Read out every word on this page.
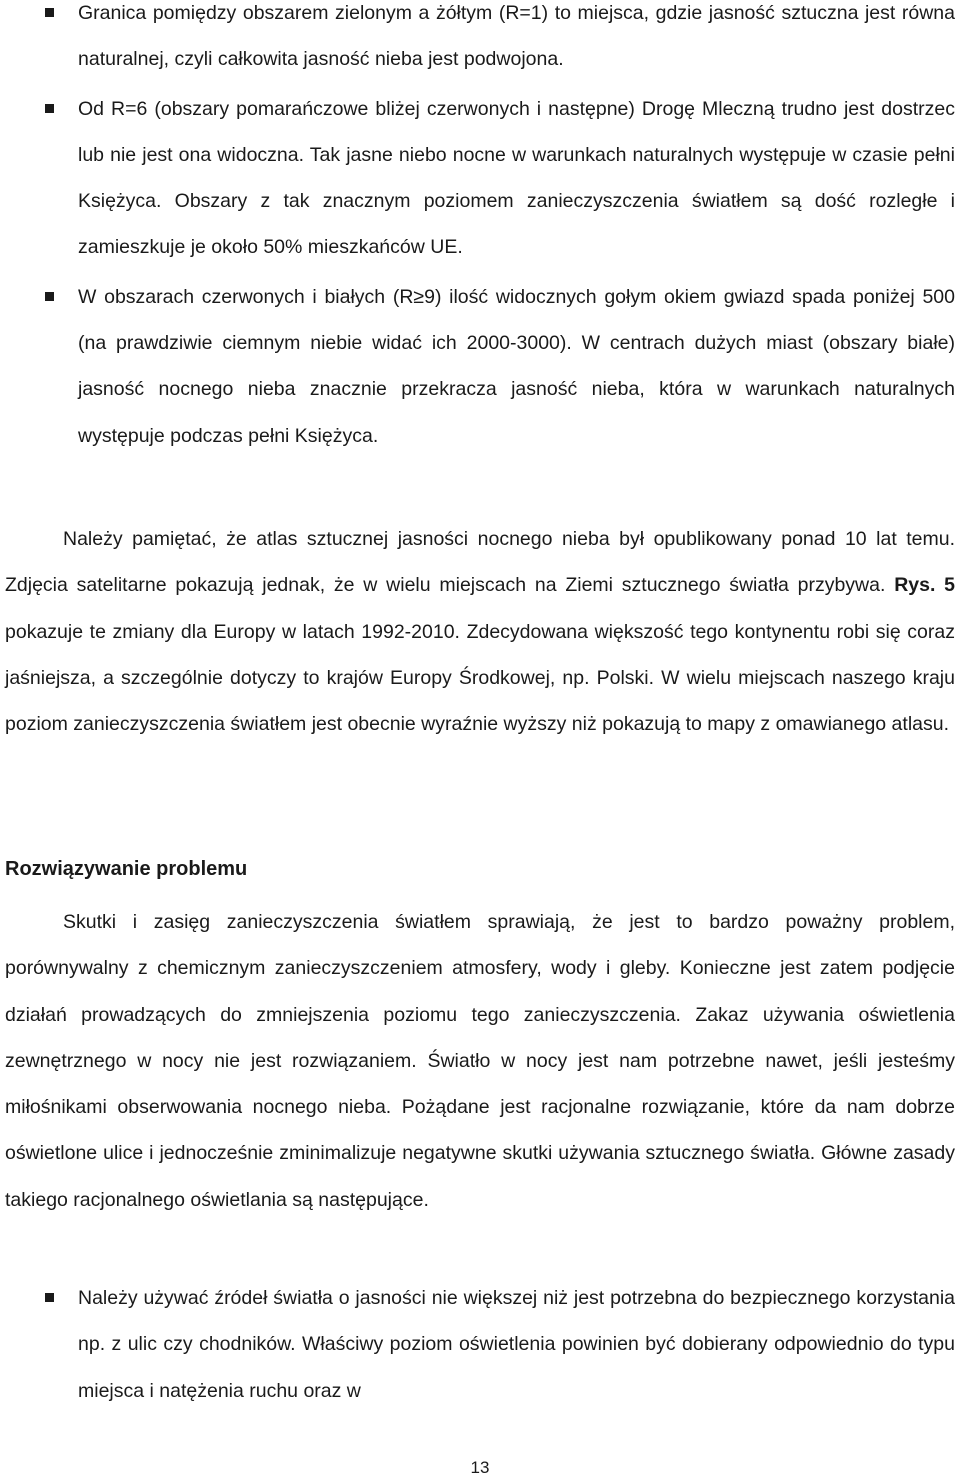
Granica pomiędzy obszarem zielonym a żółtym (R=1) to miejsca, gdzie jasność sztuczna jest równa naturalnej, czyli całkowita jasność nieba jest podwojona.
Od R=6 (obszary pomarańczowe bliżej czerwonych i następne) Drogę Mleczną trudno jest dostrzec lub nie jest ona widoczna. Tak jasne niebo nocne w warunkach naturalnych występuje w czasie pełni Księżyca. Obszary z tak znacznym poziomem zanieczyszczenia światłem są dość rozległe i zamieszkuje je około 50% mieszkańców UE.
W obszarach czerwonych i białych (R≥9) ilość widocznych gołym okiem gwiazd spada poniżej 500 (na prawdziwie ciemnym niebie widać ich 2000-3000). W centrach dużych miast (obszary białe) jasność nocnego nieba znacznie przekracza jasność nieba, która w warunkach naturalnych występuje podczas pełni Księżyca.

Należy pamiętać, że atlas sztucznej jasności nocnego nieba był opublikowany ponad 10 lat temu. Zdjęcia satelitarne pokazują jednak, że w wielu miejscach na Ziemi sztucznego światła przybywa. Rys. 5 pokazuje te zmiany dla Europy w latach 1992-2010. Zdecydowana większość tego kontynentu robi się coraz jaśniejsza, a szczególnie dotyczy to krajów Europy Środkowej, np. Polski. W wielu miejscach naszego kraju poziom zanieczyszczenia światłem jest obecnie wyraźnie wyższy niż pokazują to mapy z omawianego atlasu.

Rozwiązywanie problemu

Skutki i zasięg zanieczyszczenia światłem sprawiają, że jest to bardzo poważny problem, porównywalny z chemicznym zanieczyszczeniem atmosfery, wody i gleby. Konieczne jest zatem podjęcie działań prowadzących do zmniejszenia poziomu tego zanieczyszczenia. Zakaz używania oświetlenia zewnętrznego w nocy nie jest rozwiązaniem. Światło w nocy jest nam potrzebne nawet, jeśli jesteśmy miłośnikami obserwowania nocnego nieba. Pożądane jest racjonalne rozwiązanie, które da nam dobrze oświetlone ulice i jednocześnie zminimalizuje negatywne skutki używania sztucznego światła. Główne zasady takiego racjonalnego oświetlania są następujące.

Należy używać źródeł światła o jasności nie większej niż jest potrzebna do bezpiecznego korzystania np. z ulic czy chodników. Właściwy poziom oświetlenia powinien być dobierany odpowiednio do typu miejsca i natężenia ruchu oraz w
13
